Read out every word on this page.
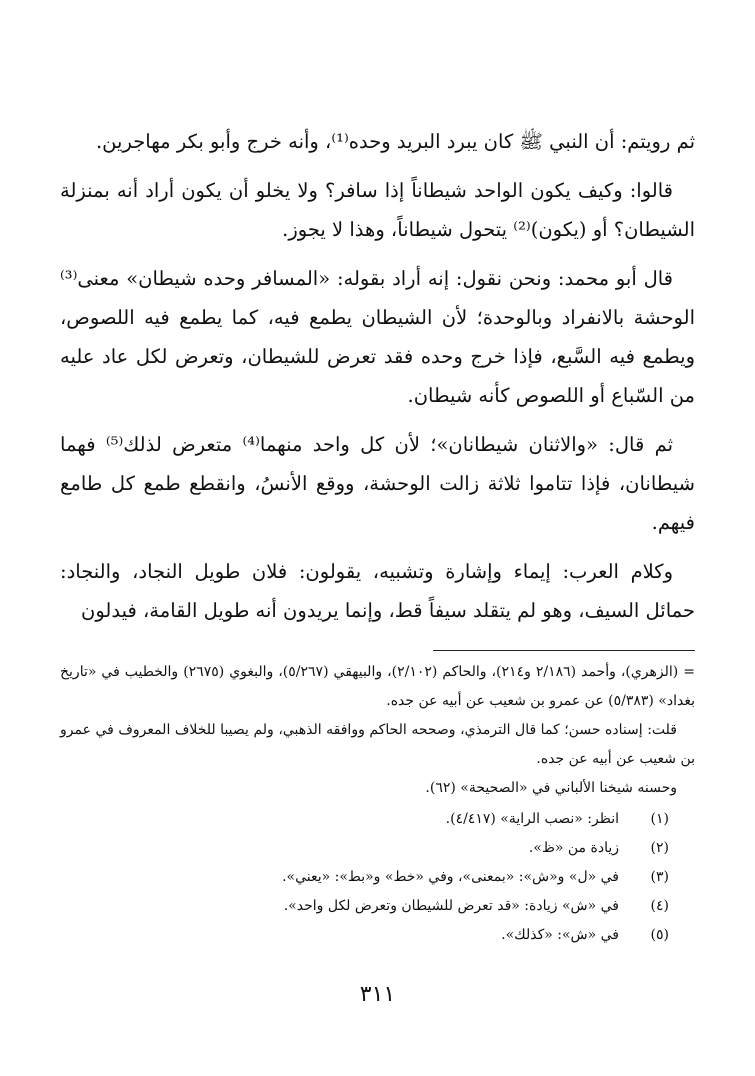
ثم رويتم: أن النبي ﷺ كان يبرد البريد وحده⁽¹⁾، وأنه خرج وأبو بكر مهاجرين.

قالوا: وكيف يكون الواحد شيطاناً إذا سافر؟ ولا يخلو أن يكون أراد أنه بمنزلة الشيطان؟ أو (يكون)⁽²⁾ يتحول شيطاناً، وهذا لا يجوز.

قال أبو محمد: ونحن نقول: إنه أراد بقوله: «المسافر وحده شيطان» معنى⁽³⁾ الوحشة بالانفراد وبالوحدة؛ لأن الشيطان يطمع فيه، كما يطمع فيه اللصوص، ويطمع فيه السَّبع، فإذا خرج وحده فقد تعرض للشيطان، وتعرض لكل عاد عليه من السّباع أو اللصوص كأنه شيطان.

ثم قال: «والاثنان شيطانان»؛ لأن كل واحد منهما⁽⁴⁾ متعرض لذلك⁽⁵⁾ فهما شيطانان، فإذا تتاموا ثلاثة زالت الوحشة، ووقع الأنسُ، وانقطع طمع كل طامع فيهم.

وكلام العرب: إيماء وإشارة وتشبيه، يقولون: فلان طويل النجاد، والنجاد: حمائل السيف، وهو لم يتقلد سيفاً قط، وإنما يريدون أنه طويل القامة، فيدلون

= (الزهري)، وأحمد (٢/١٨٦ و٢١٤)، والحاكم (٢/١٠٢)، والبيهقي (٥/٢٦٧)، والبغوي (٢٦٧٥) والخطيب في «تاريخ بغداد» (٥/٣٨٣) عن عمرو بن شعيب عن أبيه عن جده.

قلت: إسناده حسن؛ كما قال الترمذي، وصححه الحاكم ووافقه الذهبي، ولم يصيبا للخلاف المعروف في عمرو بن شعيب عن أبيه عن جده.

وحسنه شيخنا الألباني في «الصحيحة» (٦٢).

(١)
انظر: «نصب الراية» (٤/٤١٧).
(٢)
زيادة من «ظ».
(٣)
في «ل» و«ش»: «بمعنى»، وفي «خط» و«بط»: «يعني».
(٤)
في «ش» زيادة: «قد تعرض للشيطان وتعرض لكل واحد».
(٥)
في «ش»: «كذلك».
٣١١
